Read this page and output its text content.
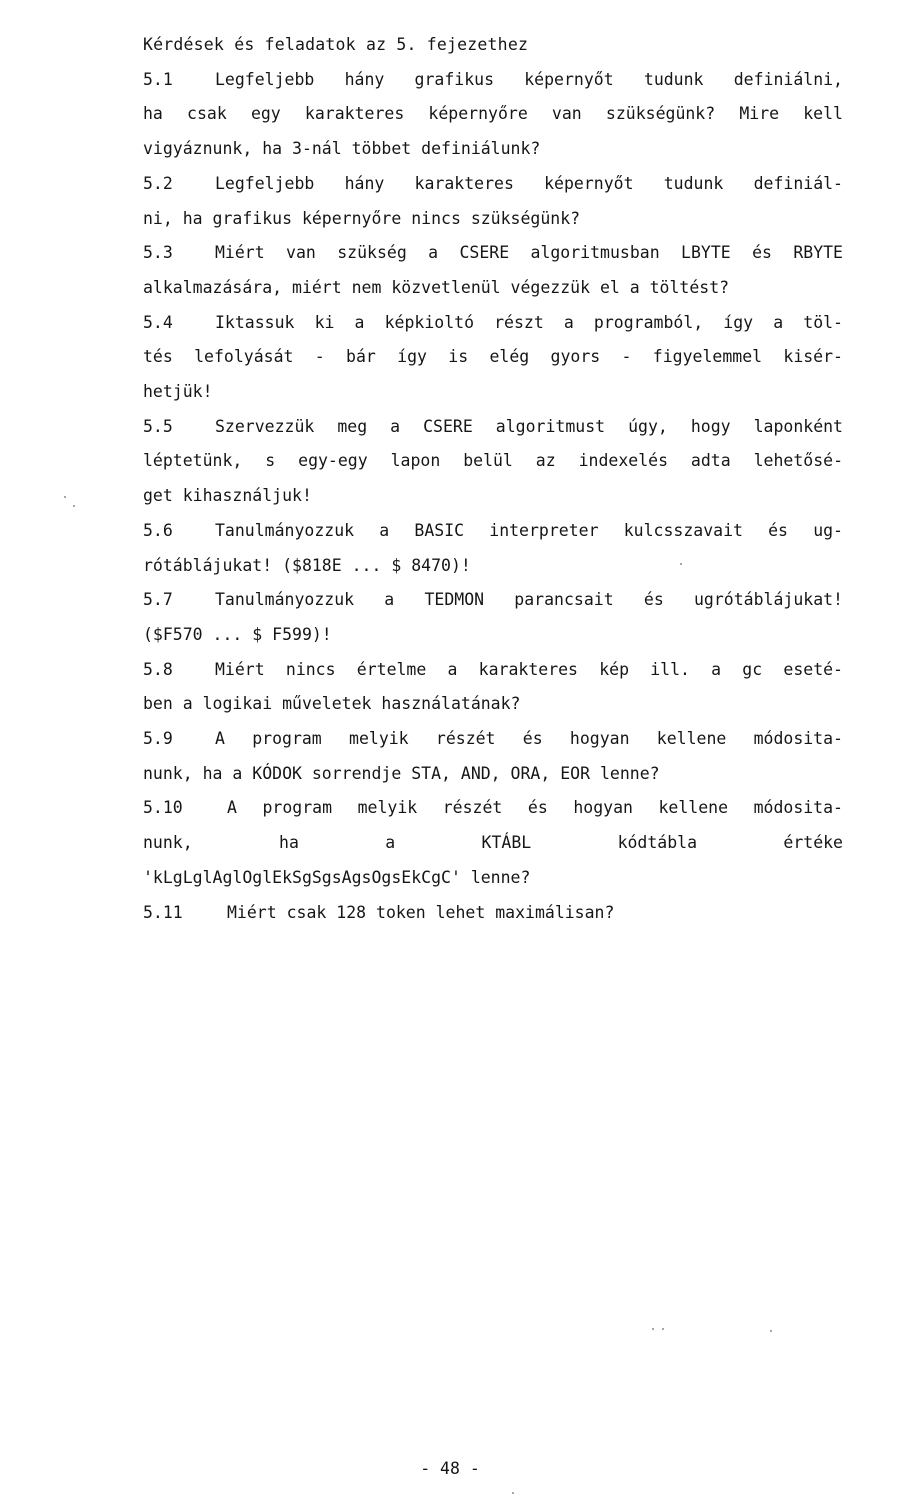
Kérdések és feladatok az 5. fejezethez
5.1	Legfeljebb hány grafikus képernyőt tudunk definiálni,
ha csak egy karakteres képernyőre van szükségünk? Mire kell
vigyáznunk, ha 3-nál többet definiálunk?
5.2	Legfeljebb hány karakteres képernyőt tudunk definiál-
ni, ha grafikus képernyőre nincs szükségünk?
5.3	Miért van szükség a CSERE algoritmusban LBYTE és RBYTE
alkalmazására, miért nem közvetlenül végezzük el a töltést?
5.4	Iktassuk ki a képkioltó részt a programból, így a töl-
tés lefolyását - bár így is elég gyors - figyelemmel kisér-
hetjük!
5.5	Szervezzük meg a CSERE algoritmust úgy, hogy laponként
léptetünk, s egy-egy lapon belül az indexelés adta lehetősé-
get kihasználjuk!
5.6	Tanulmányozzuk a BASIC interpreter kulcsszavait és ug-
rótáblájukat! ($818E ... $ 8470)!
5.7	Tanulmányozzuk a TEDMON parancsait és ugrótáblájukat!
($F570 ... $ F599)!
5.8	Miért nincs értelme a karakteres kép ill. a gc eseté-
ben a logikai műveletek használatának?
5.9	A program melyik részét és hogyan kellene módosita-
nunk, ha a KÓDOK sorrendje STA, AND, ORA, EOR lenne?
5.10	A program melyik részét és hogyan kellene módosita-
nunk, ha a KTÁBL kódtábla értéke
'kLgLglAglOglEkSgSgsAgsOgsEkCgC' lenne?
5.11	Miért csak 128 token lehet maximálisan?
- 48 -
